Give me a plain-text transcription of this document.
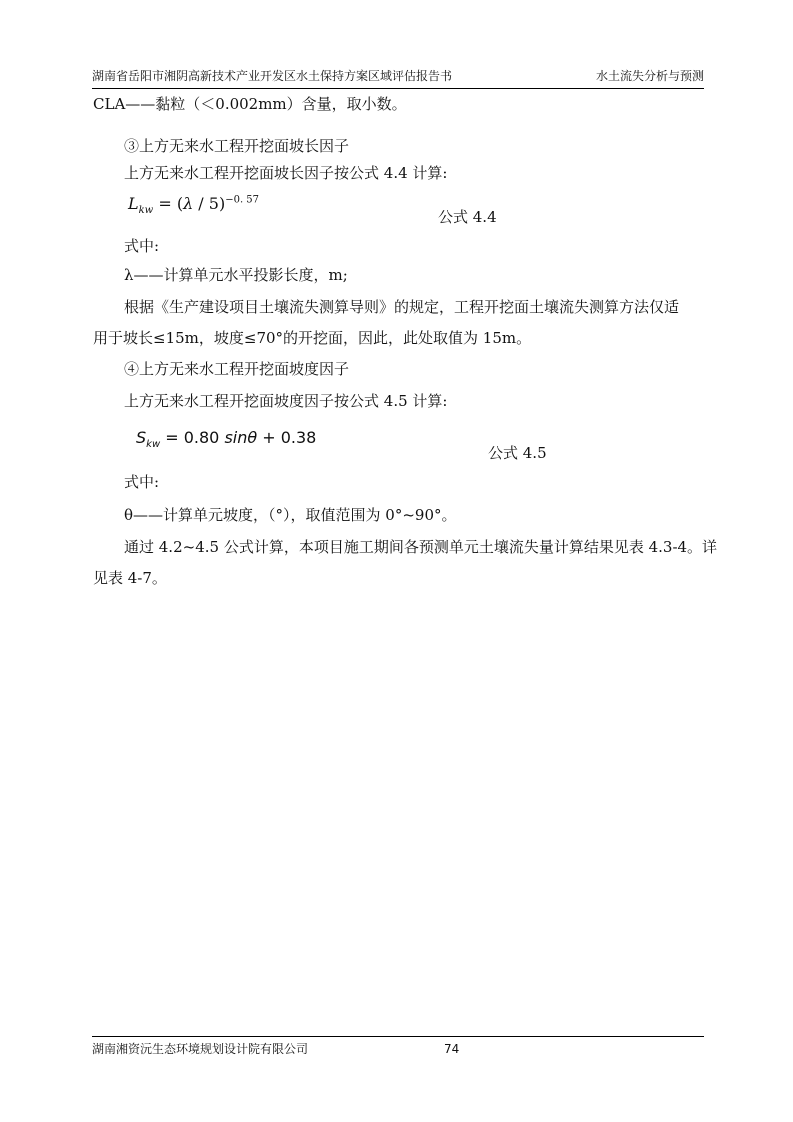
湖南省岳阳市湘阴高新技术产业开发区水土保持方案区域评估报告书	水土流失分析与预测
CLA——黏粒（＜0.002mm）含量，取小数。
③上方无来水工程开挖面坡长因子
上方无来水工程开挖面坡长因子按公式 4.4 计算:
$L_{kw} = (\lambda / 5)^{-0. 57}$
公式 4.4
式中:
λ——计算单元水平投影长度，m;
根据《生产建设项目土壤流失测算导则》的规定，工程开挖面土壤流失测算方法仅适
用于坡长≤15m，坡度≤70°的开挖面，因此，此处取值为 15m。
④上方无来水工程开挖面坡度因子
上方无来水工程开挖面坡度因子按公式 4.5 计算:
$S_{kw} = 0.80$ sinθ + 0.38
公式 4.5
式中:
θ——计算单元坡度，（°），取值范围为 0°~90°。
通过 4.2~4.5 公式计算，本项目施工期间各预测单元土壤流失量计算结果见表 4.3-4。详
见表 4-7。
湖南湘资沅生态环境规划设计院有限公司	74
